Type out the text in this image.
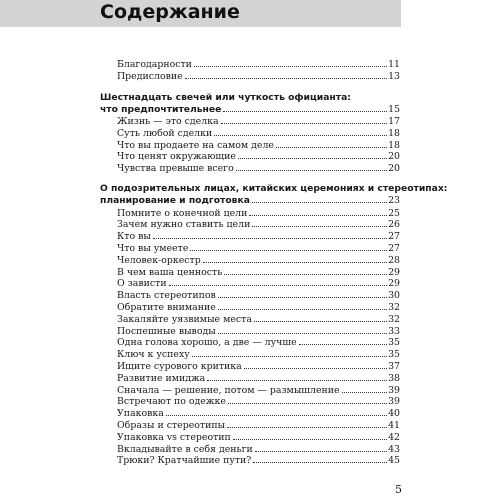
Содержание
Благодарности	11
Предисловие	13
Шестнадцать свечей или чуткость официанта:
что предпочтительнее	15
Жизнь — это сделка	17
Суть любой сделки	18
Что вы продаете на самом деле	18
Что ценят окружающие	20
Чувства превыше всего	20
О подозрительных лицах, китайских церемониях и стереотипах:
планирование и подготовка	23
Помните о конечной цели	25
Зачем нужно ставить цели	26
Кто вы	27
Что вы умеете	27
Человек-оркестр	28
В чем ваша ценность	29
О зависти	29
Власть стереотипов	30
Обратите внимание	32
Закаляйте уязвимые места	32
Поспешные выводы	33
Одна голова хорошо, а две — лучше	35
Ключ к успеху	35
Ищите сурового критика	37
Развитие имиджа	38
Сначала — решение, потом — размышление	39
Встречают по одежке	39
Упаковка	40
Образы и стереотипы	41
Упаковка vs стереотип	42
Вкладывайте в себя деньги	43
Трюки? Кратчайшие пути?	45
5
